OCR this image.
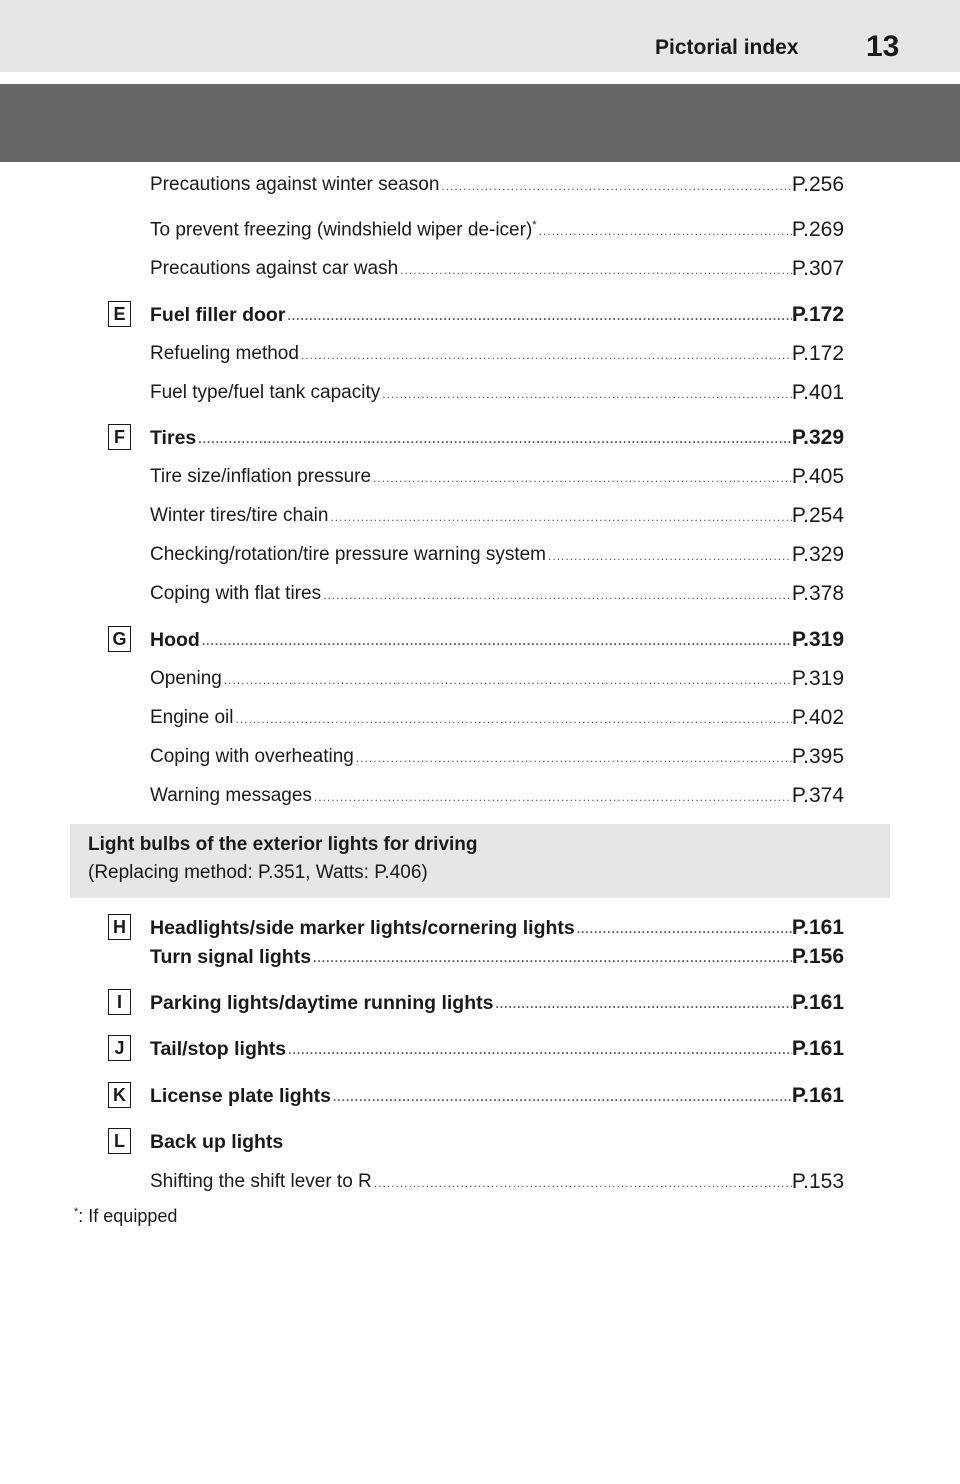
Pictorial index 13
Precautions against winter season .....	P.256
To prevent freezing (windshield wiper de-icer)* .....	P.269
Precautions against car wash .....	P.307
E Fuel filler door .....	P.172
Refueling method .....	P.172
Fuel type/fuel tank capacity .....	P.401
F	Tires .....	P.329
Tire size/inflation pressure .....	P.405
Winter tires/tire chain .....	P.254
Checking/rotation/tire pressure warning system .....	P.329
Coping with flat tires .....	P.378
G Hood .....	P.319
Opening .....	P.319
Engine oil .....	P.402
Coping with overheating .....	P.395
Warning messages .....	P.374
Light bulbs of the exterior lights for driving
(Replacing method: P.351, Watts: P.406)
H Headlights/side marker lights/cornering lights .....	P.161
Turn signal lights .....	P.156
I	Parking lights/daytime running lights .....	P.161
J	Tail/stop lights .....	P.161
K License plate lights .....	P.161
L	Back up lights
Shifting the shift lever to R .....	P.153
*: If equipped
